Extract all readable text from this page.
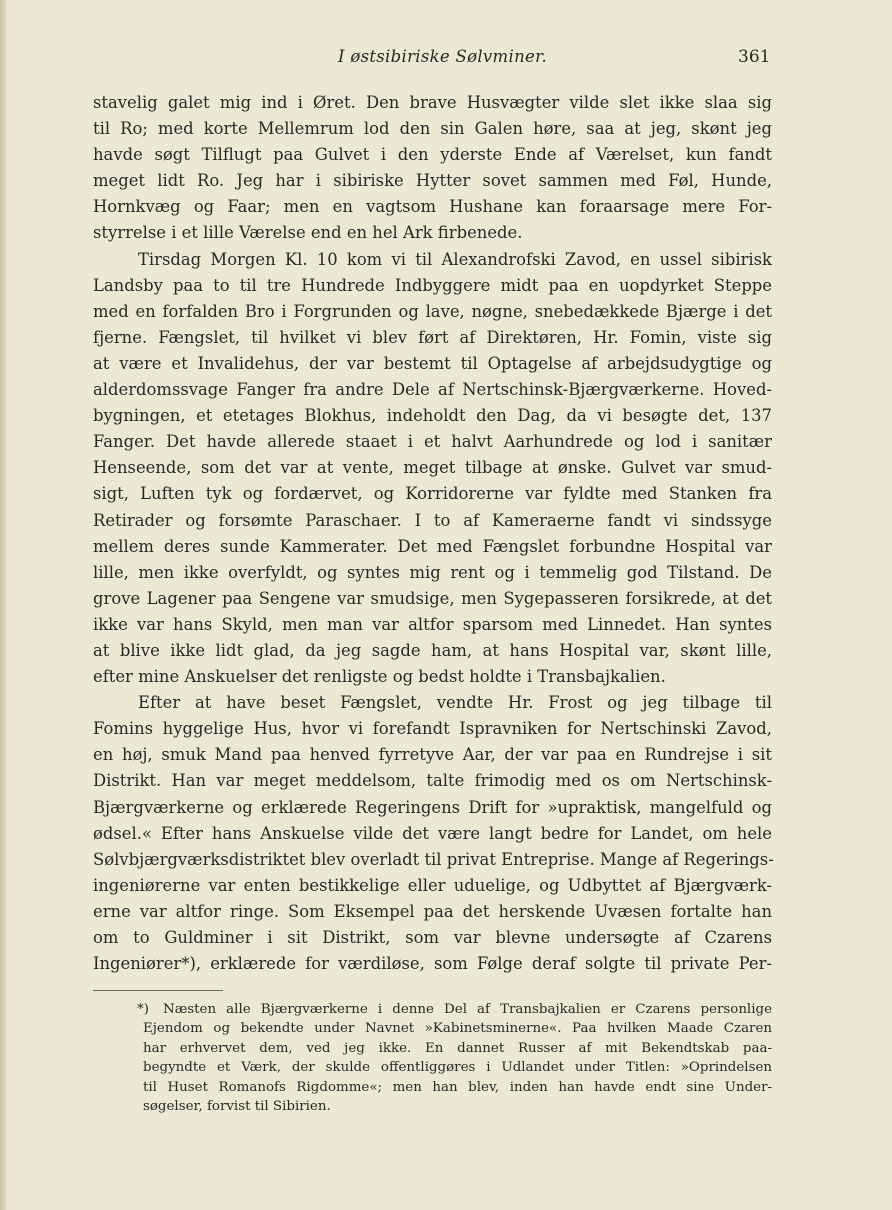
I østsibiriske Sølvminer.	361
stavelig galet mig ind i Øret. Den brave Husvægter vilde slet ikke slaa sig
til Ro; med korte Mellemrum lod den sin Galen høre, saa at jeg, skønt jeg
havde søgt Tilflugt paa Gulvet i den yderste Ende af Værelset, kun fandt
meget lidt Ro. Jeg har i sibiriske Hytter sovet sammen med Føl, Hunde,
Hornkvæg og Faar; men en vagtsom Hushane kan foraarsage mere For-
styrrelse i et lille Værelse end en hel Ark firbenede.
Tirsdag Morgen Kl. 10 kom vi til Alexandrofski Zavod, en ussel sibirisk
Landsby paa to til tre Hundrede Indbyggere midt paa en uopdyrket Steppe
med en forfalden Bro i Forgrunden og lave, nøgne, snebedækkede Bjærge i det
fjerne. Fængslet, til hvilket vi blev ført af Direktøren, Hr. Fomin, viste sig
at være et Invalidehus, der var bestemt til Optagelse af arbejdsudygtige og
alderdomssvage Fanger fra andre Dele af Nertschinsk-Bjærgværkerne. Hoved-
bygningen, et etetages Blokhus, indeholdt den Dag, da vi besøgte det, 137
Fanger. Det havde allerede staaet i et halvt Aarhundrede og lod i sanitær
Henseende, som det var at vente, meget tilbage at ønske. Gulvet var smud-
sigt, Luften tyk og fordærvet, og Korridorerne var fyldte med Stanken fra
Retirader og forsømte Paraschaer. I to af Kameraerne fandt vi sindssyge
mellem deres sunde Kammerater. Det med Fængslet forbundne Hospital var
lille, men ikke overfyldt, og syntes mig rent og i temmelig god Tilstand. De
grove Lagener paa Sengene var smudsige, men Sygepasseren forsikrede, at det
ikke var hans Skyld, men man var altfor sparsom med Linnedet. Han syntes
at blive ikke lidt glad, da jeg sagde ham, at hans Hospital var, skønt lille,
efter mine Anskuelser det renligste og bedst holdte i Transbajkalien.
Efter at have beset Fængslet, vendte Hr. Frost og jeg tilbage til
Fomins hyggelige Hus, hvor vi forefandt Ispravniken for Nertschinski Zavod,
en høj, smuk Mand paa henved fyrretyve Aar, der var paa en Rundrejse i sit
Distrikt. Han var meget meddelsom, talte frimodig med os om Nertschinsk-
Bjærgværkerne og erklærede Regeringens Drift for »upraktisk, mangelfuld og
ødsel.« Efter hans Anskuelse vilde det være langt bedre for Landet, om hele
Sølvbjærgværksdistriktet blev overladt til privat Entreprise. Mange af Regerings-
ingeniørerne var enten bestikkelige eller uduelige, og Udbyttet af Bjærgværk-
erne var altfor ringe. Som Eksempel paa det herskende Uvæsen fortalte han
om to Guldminer i sit Distrikt, som var blevne undersøgte af Czarens
Ingeniører*), erklærede for værdiløse, som Følge deraf solgte til private Per-
*)	Næsten alle Bjærgværkerne i denne Del af Transbajkalien er Czarens personlige
Ejendom og bekendte under Navnet »Kabinetsminerne«. Paa hvilken Maade Czaren
har erhvervet dem, ved jeg ikke. En dannet Russer af mit Bekendtskab paa-
begyndte et Værk, der skulde offentliggøres i Udlandet under Titlen: »Oprindelsen
til Huset Romanofs Rigdomme«; men han blev, inden han havde endt sine Under-
søgelser, forvist til Sibirien.
